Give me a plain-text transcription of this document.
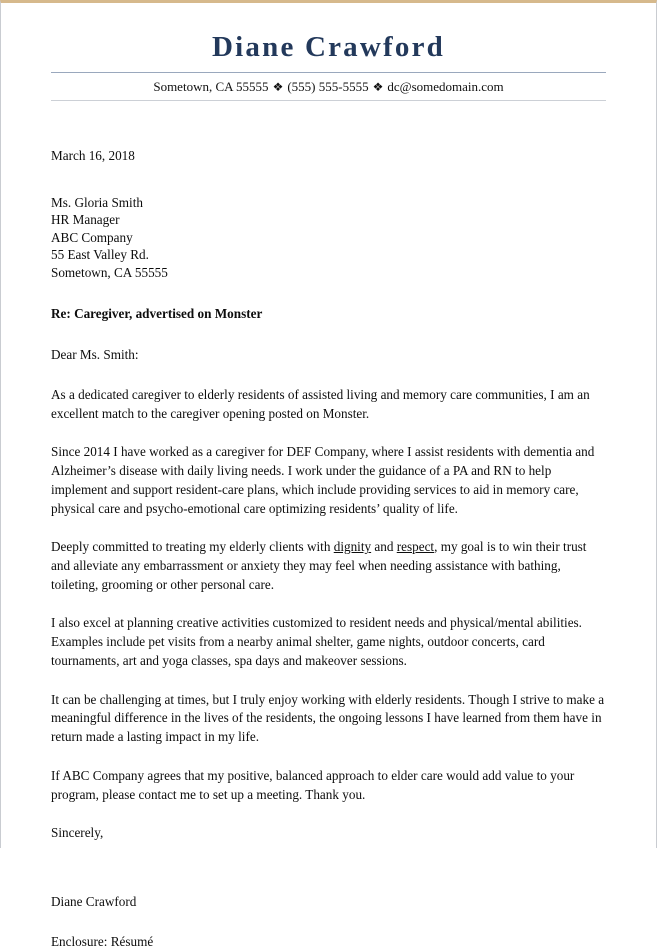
Diane Crawford
Sometown, CA 55555 ❖ (555) 555-5555 ❖ dc@somedomain.com
March 16, 2018
Ms. Gloria Smith
HR Manager
ABC Company
55 East Valley Rd.
Sometown, CA 55555
Re: Caregiver, advertised on Monster
Dear Ms. Smith:

As a dedicated caregiver to elderly residents of assisted living and memory care communities, I am an excellent match to the caregiver opening posted on Monster.

Since 2014 I have worked as a caregiver for DEF Company, where I assist residents with dementia and Alzheimer’s disease with daily living needs. I work under the guidance of a PA and RN to help implement and support resident-care plans, which include providing services to aid in memory care, physical care and psycho-emotional care optimizing residents’ quality of life.

Deeply committed to treating my elderly clients with dignity and respect, my goal is to win their trust and alleviate any embarrassment or anxiety they may feel when needing assistance with bathing, toileting, grooming or other personal care.

I also excel at planning creative activities customized to resident needs and physical/mental abilities. Examples include pet visits from a nearby animal shelter, game nights, outdoor concerts, card tournaments, art and yoga classes, spa days and makeover sessions.

It can be challenging at times, but I truly enjoy working with elderly residents. Though I strive to make a meaningful difference in the lives of the residents, the ongoing lessons I have learned from them have in return made a lasting impact in my life.

If ABC Company agrees that my positive, balanced approach to elder care would add value to your program, please contact me to set up a meeting. Thank you.

Sincerely,
Diane Crawford
Enclosure: Résumé
